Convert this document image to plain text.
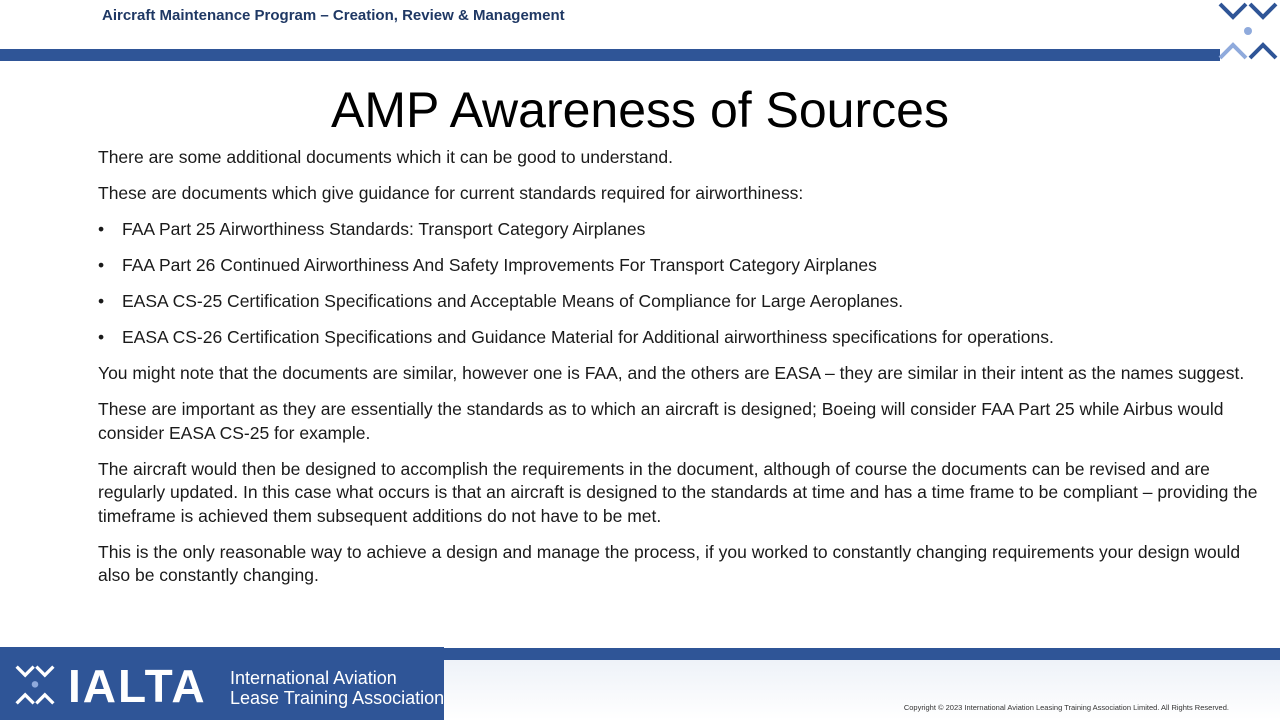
Aircraft Maintenance Program – Creation, Review & Management
AMP Awareness of Sources

There are some additional documents which it can be good to understand.

These are documents which give guidance for current standards required for airworthiness:

• FAA Part 25 Airworthiness Standards: Transport Category Airplanes
• FAA Part 26 Continued Airworthiness And Safety Improvements For Transport Category Airplanes
• EASA CS-25 Certification Specifications and Acceptable Means of Compliance for Large Aeroplanes.
• EASA CS-26 Certification Specifications and Guidance Material for Additional airworthiness specifications for operations.

You might note that the documents are similar, however one is FAA, and the others are EASA – they are similar in their intent as the names suggest.

These are important as they are essentially the standards as to which an aircraft is designed; Boeing will consider FAA Part 25 while Airbus would consider EASA CS-25 for example.

The aircraft would then be designed to accomplish the requirements in the document, although of course the documents can be revised and are regularly updated. In this case what occurs is that an aircraft is designed to the standards at time and has a time frame to be compliant – providing the timeframe is achieved them subsequent additions do not have to be met.

This is the only reasonable way to achieve a design and manage the process, if you worked to constantly changing requirements your design would also be constantly changing.

IALTA International Aviation
Lease Training Association	Copyright © 2023 International Aviation Leasing Training Association Limited. All Rights Reserved.
